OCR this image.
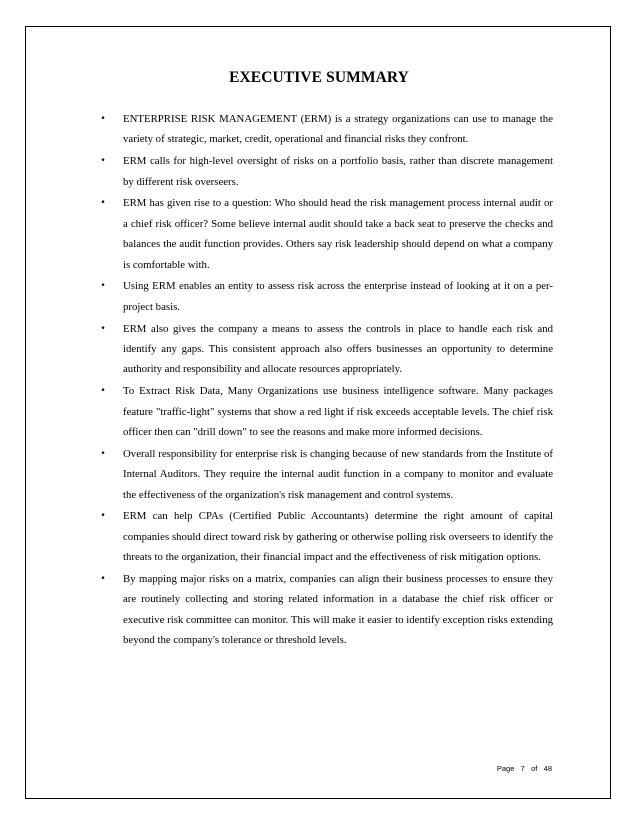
EXECUTIVE SUMMARY
• ENTERPRISE RISK MANAGEMENT (ERM) is a strategy organizations can use to manage the variety of strategic, market, credit, operational and financial risks they confront.
• ERM calls for high-level oversight of risks on a portfolio basis, rather than discrete management by different risk overseers.
• ERM has given rise to a question: Who should head the risk management process internal audit or a chief risk officer? Some believe internal audit should take a back seat to preserve the checks and balances the audit function provides. Others say risk leadership should depend on what a company is comfortable with.
• Using ERM enables an entity to assess risk across the enterprise instead of looking at it on a per-project basis.
• ERM also gives the company a means to assess the controls in place to handle each risk and identify any gaps. This consistent approach also offers businesses an opportunity to determine authority and responsibility and allocate resources appropriately.
• To Extract Risk Data, Many Organizations use business intelligence software. Many packages feature "traffic-light" systems that show a red light if risk exceeds acceptable levels. The chief risk officer then can "drill down" to see the reasons and make more informed decisions.
• Overall responsibility for enterprise risk is changing because of new standards from the Institute of Internal Auditors. They require the internal audit function in a company to monitor and evaluate the effectiveness of the organization's risk management and control systems.
• ERM can help CPAs (Certified Public Accountants) determine the right amount of capital companies should direct toward risk by gathering or otherwise polling risk overseers to identify the threats to the organization, their financial impact and the effectiveness of risk mitigation options.
• By mapping major risks on a matrix, companies can align their business processes to ensure they are routinely collecting and storing related information in a database the chief risk officer or executive risk committee can monitor. This will make it easier to identify exception risks extending beyond the company's tolerance or threshold levels.
Page 7 of 48
